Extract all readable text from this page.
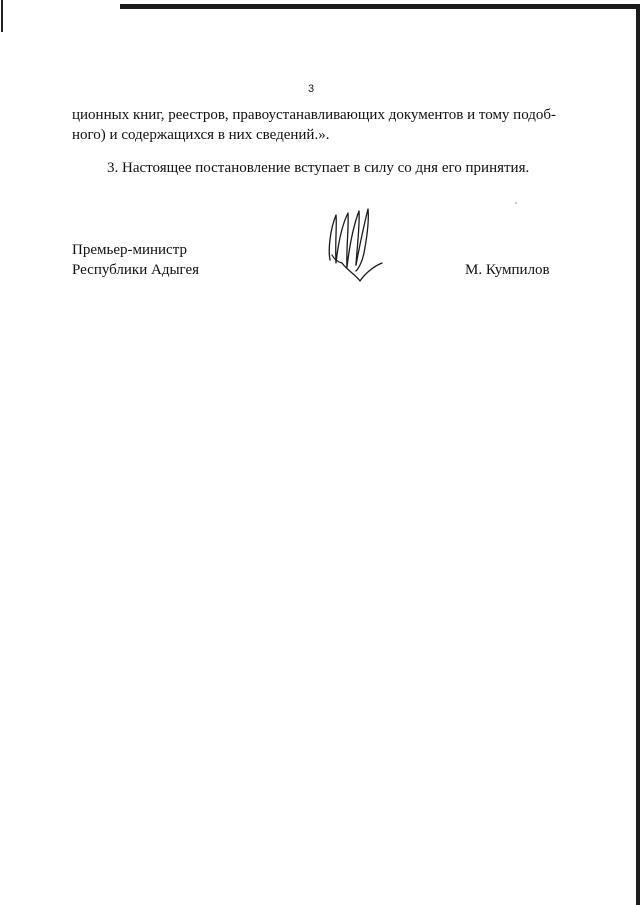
3
ционных книг, реестров, правоустанавливающих документов и тому подоб-
ного) и содержащихся в них сведений.».
3. Настоящее постановление вступает в силу со дня его принятия.
Премьер-министр
Республики Адыгея	М. Кумпилов
